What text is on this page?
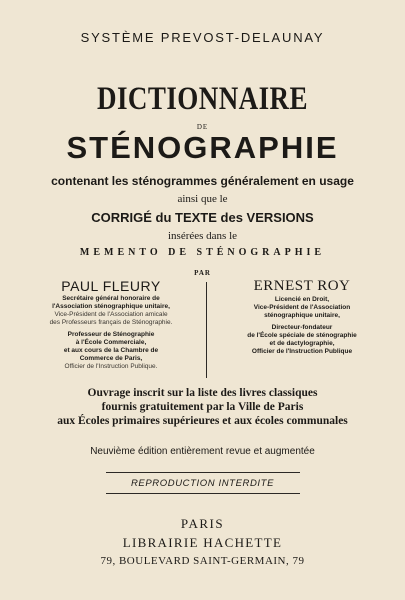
SYSTÈME PREVOST-DELAUNAY
DICTIONNAIRE
DE
STÉNOGRAPHIE
contenant les sténogrammes généralement en usage
ainsi que le
CORRIGÉ du TEXTE des VERSIONS
insérées dans le
MEMENTO DE STÉNOGRAPHIE
PAR
PAUL FLEURY
Secrétaire général honoraire de
l'Association sténographique unitaire,
Vice-Président de l'Association amicale
des Professeurs français de Sténographie.
Professeur de Sténographie
à l'École Commerciale,
et aux cours de la Chambre de
Commerce de Paris,
Officier de l'Instruction Publique.
ERNEST ROY
Licencié en Droit,
Vice-Président de l'Association
sténographique unitaire,
Directeur-fondateur
de l'École spéciale de sténographie
et de dactylographie,
Officier de l'Instruction Publique
Ouvrage inscrit sur la liste des livres classiques
fournis gratuitement par la Ville de Paris
aux Écoles primaires supérieures et aux écoles communales
Neuvième édition entièrement revue et augmentée
REPRODUCTION INTERDITE
PARIS
LIBRAIRIE HACHETTE
79, BOULEVARD SAINT-GERMAIN, 79
